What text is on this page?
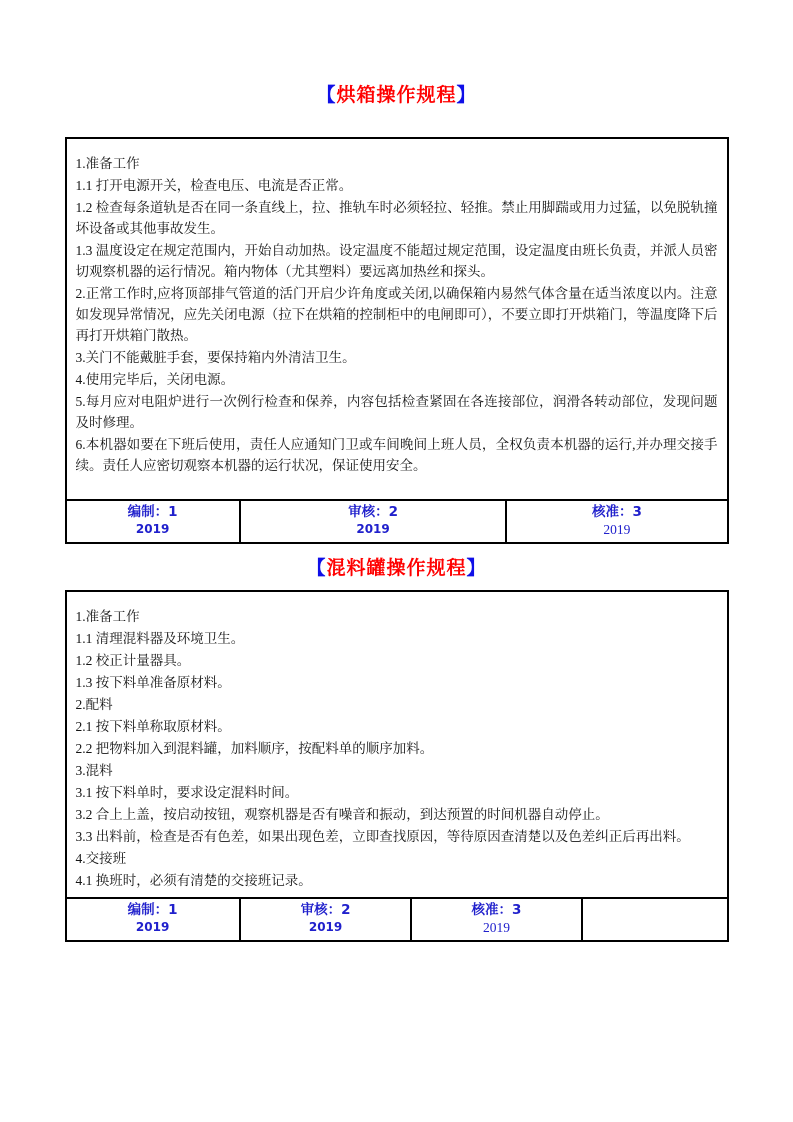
【烘箱操作规程】

1.准备工作

1.1 打开电源开关，检查电压、电流是否正常。

1.2 检查每条道轨是否在同一条直线上，拉、推轨车时必须轻拉、轻推。禁止用脚踹或用力过猛，以免脱轨撞坏设备或其他事故发生。

1.3 温度设定在规定范围内，开始自动加热。设定温度不能超过规定范围，设定温度由班长负责，并派人员密切观察机器的运行情况。箱内物体（尤其塑料）要远离加热丝和探头。

2.正常工作时,应将顶部排气管道的活门开启少许角度或关闭,以确保箱内易然气体含量在适当浓度以内。注意如发现异常情况，应先关闭电源（拉下在烘箱的控制柜中的电闸即可），不要立即打开烘箱门，等温度降下后再打开烘箱门散热。

3.关门不能戴脏手套，要保持箱内外清洁卫生。

4.使用完毕后，关闭电源。

5.每月应对电阻炉进行一次例行检查和保养，内容包括检查紧固在各连接部位，润滑各转动部位，发现问题及时修理。

6.本机器如要在下班后使用，责任人应通知门卫或车间晚间上班人员，全权负责本机器的运行,并办理交接手续。责任人应密切观察本机器的运行状况，保证使用安全。

编制：1
2019
审核：2
2019
核准：3
2019
【混料罐操作规程】

1.准备工作

1.1 清理混料器及环境卫生。

1.2 校正计量器具。

1.3 按下料单准备原材料。

2.配料

2.1 按下料单称取原材料。

2.2 把物料加入到混料罐，加料顺序，按配料单的顺序加料。

3.混料

3.1 按下料单时，要求设定混料时间。

3.2 合上上盖，按启动按钮，观察机器是否有噪音和振动，到达预置的时间机器自动停止。

3.3 出料前，检查是否有色差，如果出现色差，立即查找原因，等待原因查清楚以及色差纠正后再出料。

4.交接班

4.1 换班时，必须有清楚的交接班记录。

编制：1
2019
审核：2
2019
核准：3
2019
